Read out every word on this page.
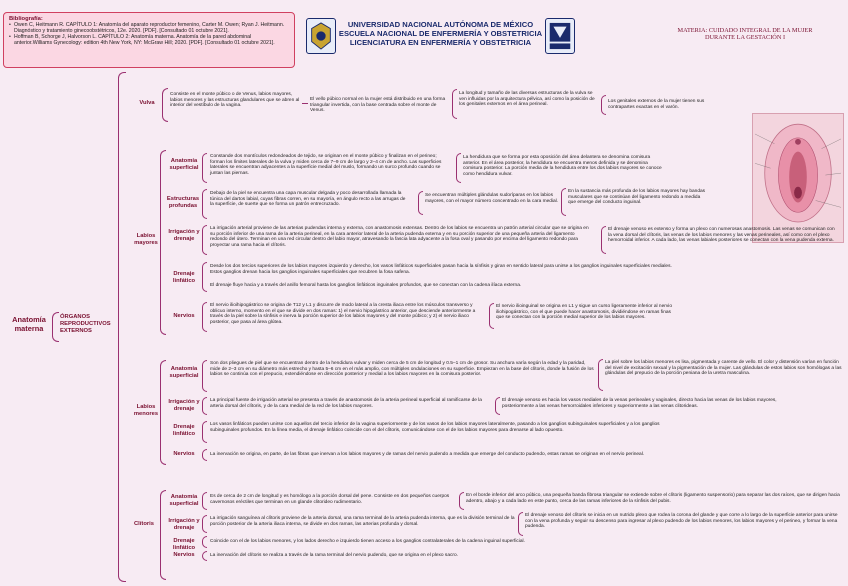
Bibliografía:
• Owen C, Heitmann R. CAPÍTULO 1: Anatomía del aparato reproductor femenino, Carter M. Owen; Ryan J. Heitmann. Diagnóstico y tratamiento ginecoobstétricos, 12e. 2020. [PDF]. [Consultado 01 octubre 2021].
• Hoffman B, Schorge J, Halvorson L. CAPÍTULO 2: Anatomía materna. Anatomía de la pared abdominal anterior.Williams Gynecology: edition 4th New York, NY: McGraw Hill; 2020. [PDF]. [Consultado 01 octubre 2021].
UNIVERSIDAD NACIONAL AUTÓNOMA DE MÉXICO
ESCUELA NACIONAL DE ENFERMERÍA Y OBSTETRICIA
LICENCIATURA EN ENFERMERÍA Y OBSTETRICIA
MATERIA: CUIDADO INTEGRAL DE LA MUJER
DURANTE LA GESTACIÓN I
Anatomía materna
ÓRGANOS REPRODUCTIVOS EXTERNOS
Vulva
Consiste en el monte púbico o de Venus, labios mayores, labios menores y las estructuras glandulares que se abren al interior del vestíbulo de la vagina.
El vello púbico normal en la mujer está distribuido en una forma triangular invertida, con la base centrada sobre el monte de Venus.
La longitud y tamaño de las diversas estructuras de la vulva se ven influidas por la arquitectura pélvica, así como la posición de los genitales externos en el área perineal.
Los genitales externos de la mujer tienen sus contrapartes exactas en el varón.
Labios mayores
Anatomía superficial
Constande dos montículos redondeados de tejido, se originan en el monte púbico y finalizan en el perineo; forman los límites laterales de la vulva y miden cerca de 7–9 cm de largo y 2–4 cm de ancho. Las superficies laterales se encuentran adyacentes a la superficie medial del muslo, formando un surco profundo cuando se juntan las piernas.
La hendidura que se forma por esta oposición del área delantera se denomina comisura anterior. En el área posterior, la hendidura se encuentra menos definida y se denomina comisura posterior. La porción media de la hendidura entre los dos labios mayores se conoce como hendidura vulvar.
Estructuras profundas
Debajo de la piel se encuentra una capa muscular delgada y poco desarrollada llamada la túnica del dartos labial, cuyas fibras corren, en su mayoría, en ángulo recto a las arrugas de la superficie, de suerte que se forma un patrón entrecruzado.
Se encuentran múltiples glándulas sudoríparas en los labios mayores, con el mayor número concentrado en la cara medial.
En la sustancia más profunda de los labios mayores hay bandas musculares que se continúan del ligamento redondo a medida que emerge del conducto inguinal.
Irrigación y drenaje
La irrigación arterial proviene de las arterias pudendas interna y externa, con anastomosis extensas. Dentro de los labios se encuentra un patrón arterial circular que se origina en su porción inferior de una rama de la arteria perineal, en la cara anterior lateral de la arteria pudenda externa y en su porción superior de una pequeña arteria del ligamento redondo del útero. Terminan en una red circular dentro del labio mayor, atravesando la fascia lata adyacente a la fosa oval y pasando por encima del ligamento redondo para proyectar una rama hacia el clítoris.
El drenaje venoso es extenso y forma un plexo con numerosas anastomosis. Las venas se comunican con la vena dorsal del clítoris, las venas de los labios menores y las venas perineales, así como con el plexo hemorroidal inferior. A cada lado, las venas labiales posteriores se conectan con la vena pudenda externa.
Drenaje linfático
Desde los dos tercios superiores de los labios mayores izquierdo y derecho, los vasos linfáticos superficiales pasan hacia la sínfisis y giran en sentido lateral para unirse a los ganglios inguinales superficiales mediales. Estos ganglios drenan hacia los ganglios inguinales superficiales que recubren la fosa safena.
El drenaje fluye hacia y a través del anillo femoral hasta los ganglios linfáticos inguinales profundos, que se conectan con la cadena ilíaca externa.
Nervios
El nervio ilioihipogástrico se origina de T12 y L1 y discurre de modo lateral a la cresta iliaca entre los músculos transverso y oblicuo interno, momento en el que se divide en dos ramas: 1) el nervio hipogástrico anterior, que desciende anteriormente a través de la piel sobre la sínfisis e inerva la porción superior de los labios mayores y del monte púbico; y 2) el nervio iliaco posterior, que pasa al área glútea.
El nervio ilioinguinal se origina en L1 y sigue un curso ligeramente inferior al nervio iliohipogástrico, con el que puede hacer anastomosis, dividiéndose en ramas finas que se conectan con la porción medial superior de los labios mayores.
Labios menores
Anatomía superficial
Son dos pliegues de piel que se encuentran dentro de la hendidura vulvar y miden cerca de 5 cm de longitud y 0.5–1 cm de grosor. Su anchura varía según la edad y la paridad, mide de 2–3 cm en su diámetro más estrecho y hasta 5–6 cm en el más amplio, con múltiples ondulaciones en su superficie. Empiezan en la base del clítoris, donde la fusión de los labios se continúa con el prepucio, extendiéndose en dirección posterior y medial a los labios mayores en la comisura posterior.
La piel sobre los labios menores es lisa, pigmentada y carente de vello. El color y distensión varían en función del nivel de excitación sexual y la pigmentación de la mujer. Las glándulas de estos labios son homólogas a las glándulas del prepucio de la porción peniana de la uretra masculina.
Irrigación y drenaje
La principal fuente de irrigación arterial se presenta a través de anastomosis de la arteria perineal superficial al ramificarse de la arteria dorsal del clítoris, y de la cara medial de la red de los labios mayores.
El drenaje venoso es hacia los vasos mediales de la venas perineales y vaginales, directo hacia las venas de los labios mayores, posteriormente a las venas hemorroidales inferiores y superiormente a las venas clitorideas.
Drenaje linfático
Los vasos linfáticos pueden unirse con aquellos del tercio inferior de la vagina superiormente y de los vasos de los labios mayores lateralmente, pasando a los ganglios subinguinales superficiales y a los ganglios subinguinales profundos. En la línea media, el drenaje linfático coincide con el del clítoris, comunicándose con el de los labios mayores para drenarse al lado opuesto.
Nervios	La inervación se origina, en parte, de las fibras que inervan a los labios mayores y de ramas del nervio pudendo a medida que emerge del conducto pudendo, estas ramas se originan en el nervio perineal.
Clítoris
Anatomía superficial
Es de cerca de 2 cm de longitud y es homólogo a la porción dorsal del pene. Consiste en dos pequeños cuerpos cavernosos eréctiles que terminan en un glande clitorideo rudimentario.
En el borde inferior del arco púbico, una pequeña banda fibrosa triangular se extiende sobre el clítoris (ligamento suspensorio) para separar las dos raíces, que se dirigen hacia adentro, abajo y a cada lado en este punto, cerca de las ramas inferiores de la sínfisis del pubis.
Irrigación y drenaje
La irrigación sanguínea al clítoris proviene de la arteria dorsal, una rama terminal de la arteria pudenda interna, que es la división terminal de la porción posterior de la arteria iliaca interna, se divide en dos ramas, las arterias profunda y dorsal.
El drenaje venoso del clítoris se inicia en un nutrido plexo que rodea la corona del glande y que corre a lo largo de la superficie anterior para unirse con la vena profunda y seguir su descenso para ingresar al plexo pudendo de los labios menores, los labios mayores y el perineo, y formar la vena pudenda.
Drenaje linfático
Coincide con el de los labios menores, y los lados derecho e izquierdo tienen acceso a los ganglios contralaterales de la cadena inguinal superficial.
Nervios	La inervación del clítoris se realiza a través de la rama terminal del nervio pudendo, que se origina en el plexo sacro.
